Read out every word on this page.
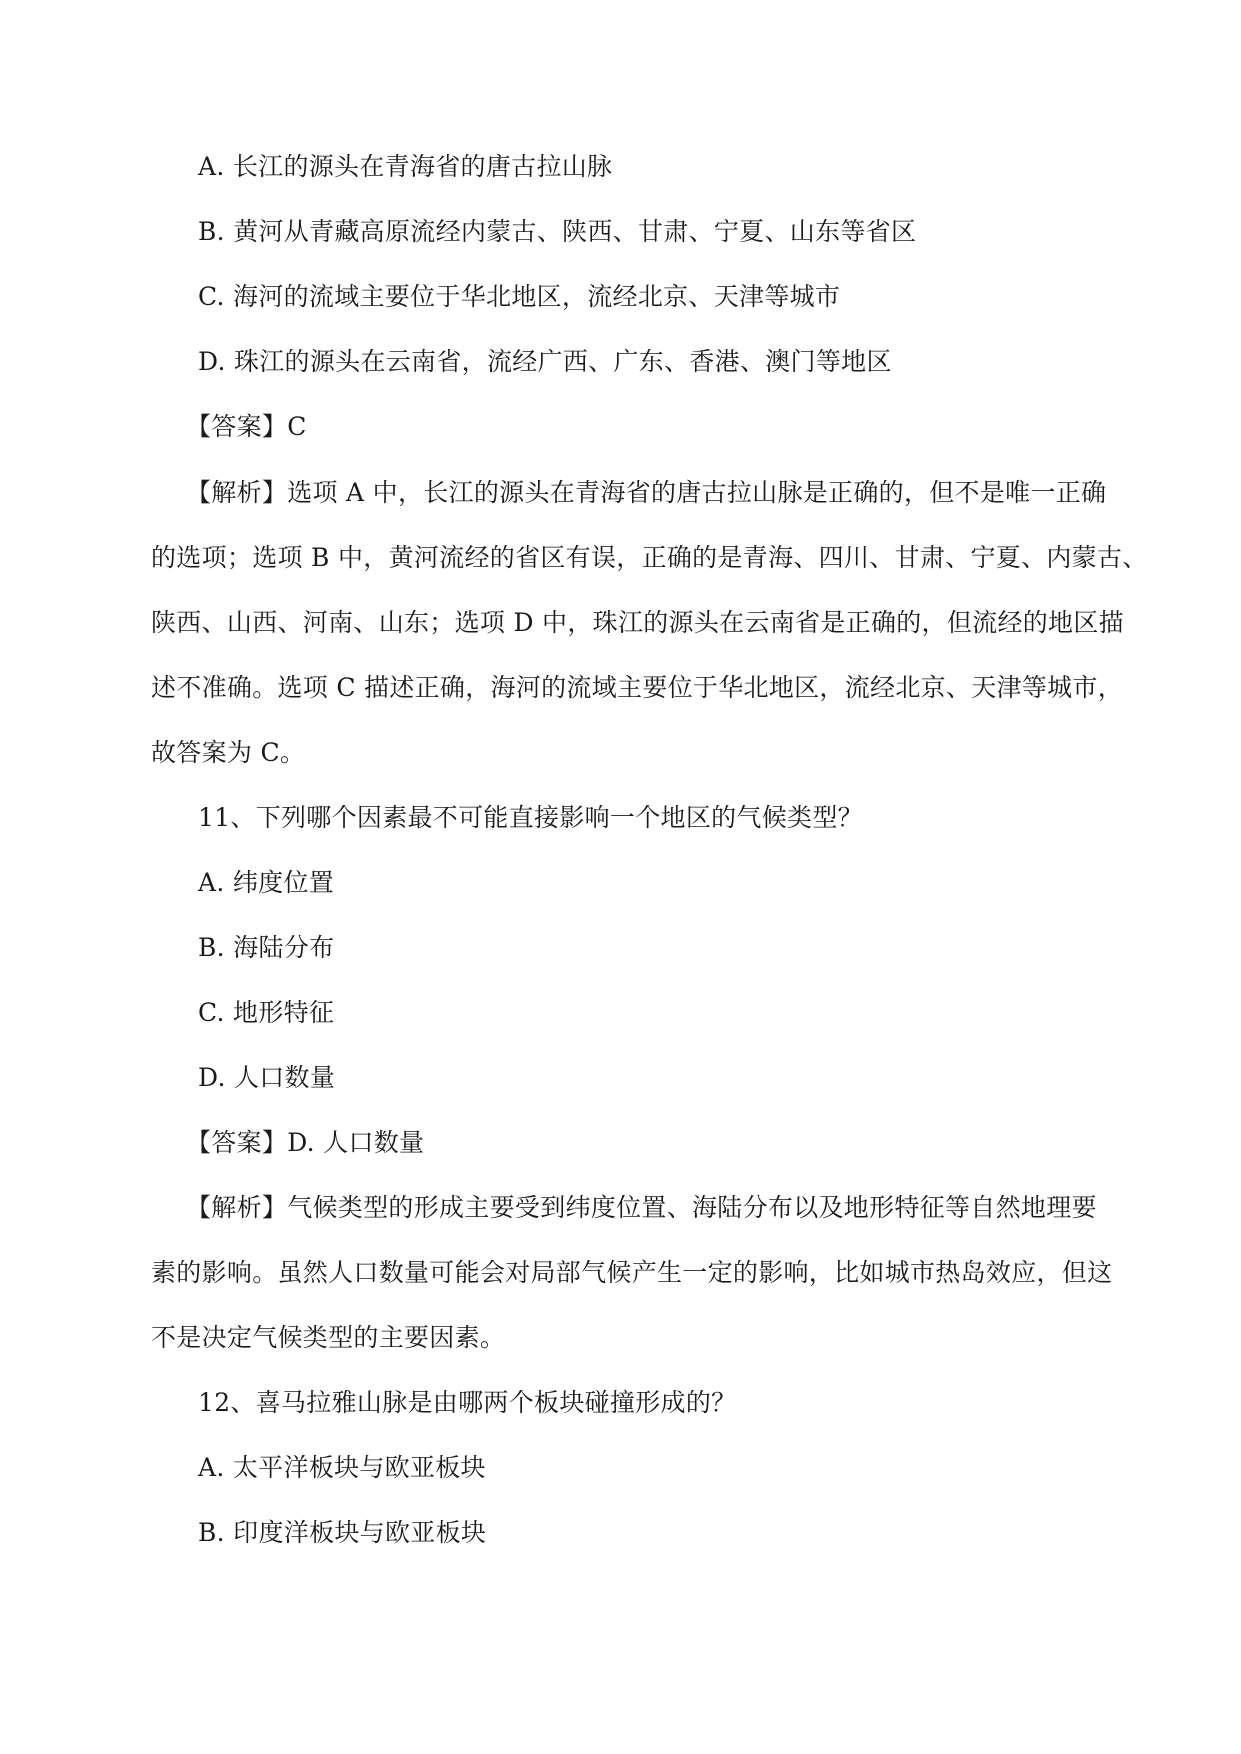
A. 长江的源头在青海省的唐古拉山脉
B. 黄河从青藏高原流经内蒙古、陕西、甘肃、宁夏、山东等省区
C. 海河的流域主要位于华北地区，流经北京、天津等城市
D. 珠江的源头在云南省，流经广西、广东、香港、澳门等地区
【答案】C
【解析】选项 A 中，长江的源头在青海省的唐古拉山脉是正确的，但不是唯一正确
的选项；选项 B 中，黄河流经的省区有误，正确的是青海、四川、甘肃、宁夏、内蒙古、
陕西、山西、河南、山东；选项 D 中，珠江的源头在云南省是正确的，但流经的地区描
述不准确。选项 C 描述正确，海河的流域主要位于华北地区，流经北京、天津等城市，
故答案为 C。
11、下列哪个因素最不可能直接影响一个地区的气候类型？
A. 纬度位置
B. 海陆分布
C. 地形特征
D. 人口数量
【答案】D. 人口数量
【解析】气候类型的形成主要受到纬度位置、海陆分布以及地形特征等自然地理要
素的影响。虽然人口数量可能会对局部气候产生一定的影响，比如城市热岛效应，但这
不是决定气候类型的主要因素。
12、喜马拉雅山脉是由哪两个板块碰撞形成的？
A. 太平洋板块与欧亚板块
B. 印度洋板块与欧亚板块
